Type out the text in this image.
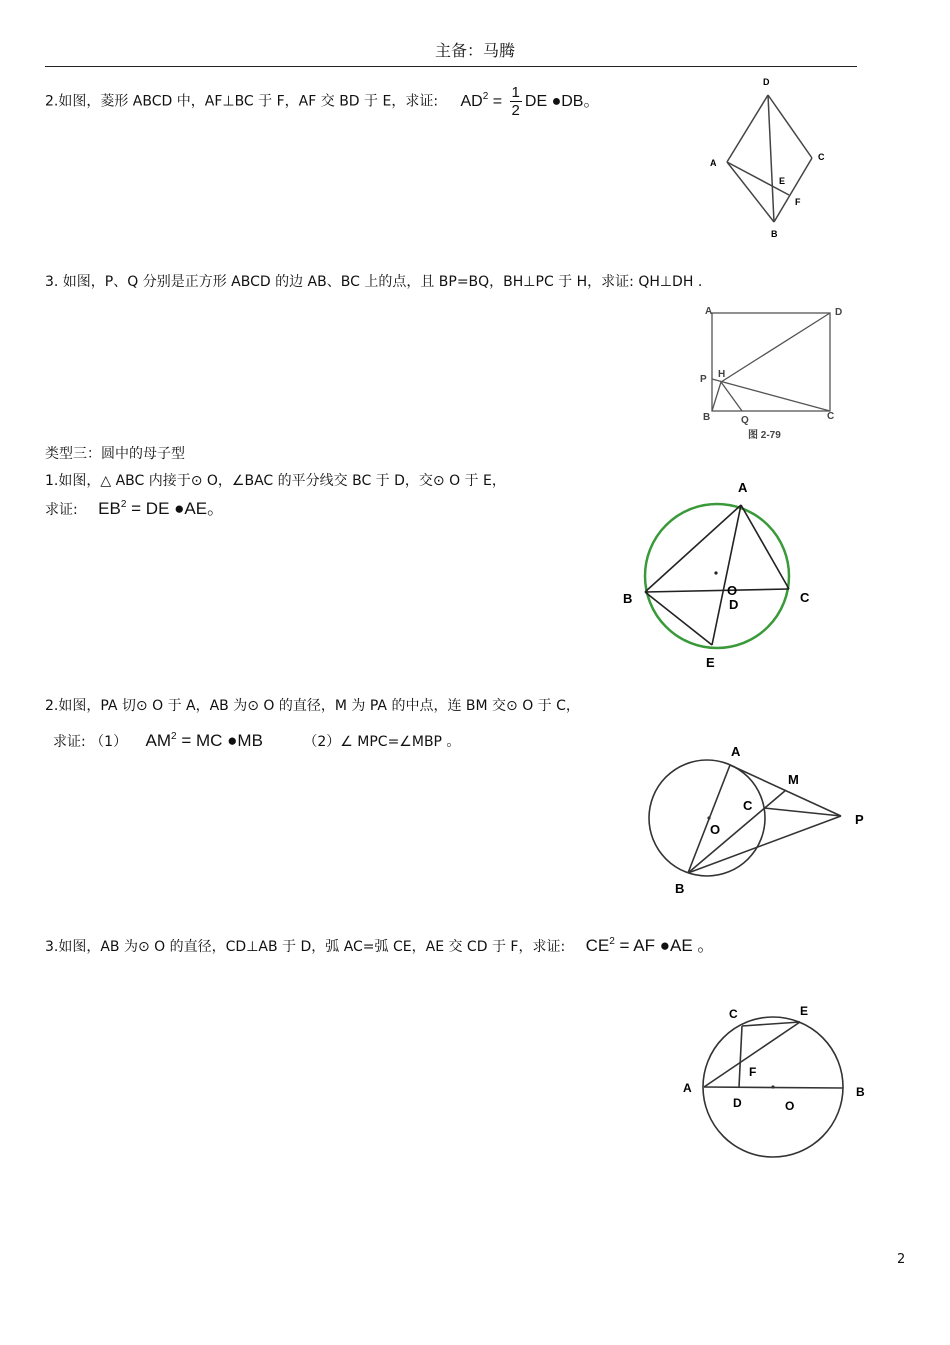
主备：马腾
2.如图，菱形 ABCD 中，AF⊥BC 于 F，AF 交 BD 于 E，求证: $AD^2 = \frac{1}{2}$ DE ●DB。
D
A
C
E
F
B
3. 如图，P、Q 分别是正方形 ABCD 的边 AB、BC 上的点，且 BP=BQ，BH⊥PC 于 H，求证: QH⊥DH .
A	D
H
P
B	Q	C
图 2-79
类型三：圆中的母子型
1.如图，△ ABC 内接于⊙ O，∠BAC 的平分线交 BC 于 D，交⊙ O 于 E，
求证: $EB^2$ = DE ●AE。
A
B	C
O
D
E
2.如图，PA 切⊙ O 于 A，AB 为⊙ O 的直径，M 为 PA 的中点，连 BM 交⊙ O 于 C，
求证: （1） $AM^2$ = MC ●MB	（2）∠ MPC=∠MBP 。
A
M
C
P
O
B
3.如图，AB 为⊙ O 的直径，CD⊥AB 于 D，弧 AC=弧 CE，AE 交 CD 于 F，求证: $CE^2$ = AF ●AE 。
C	E
F
A
D	O
B
2
